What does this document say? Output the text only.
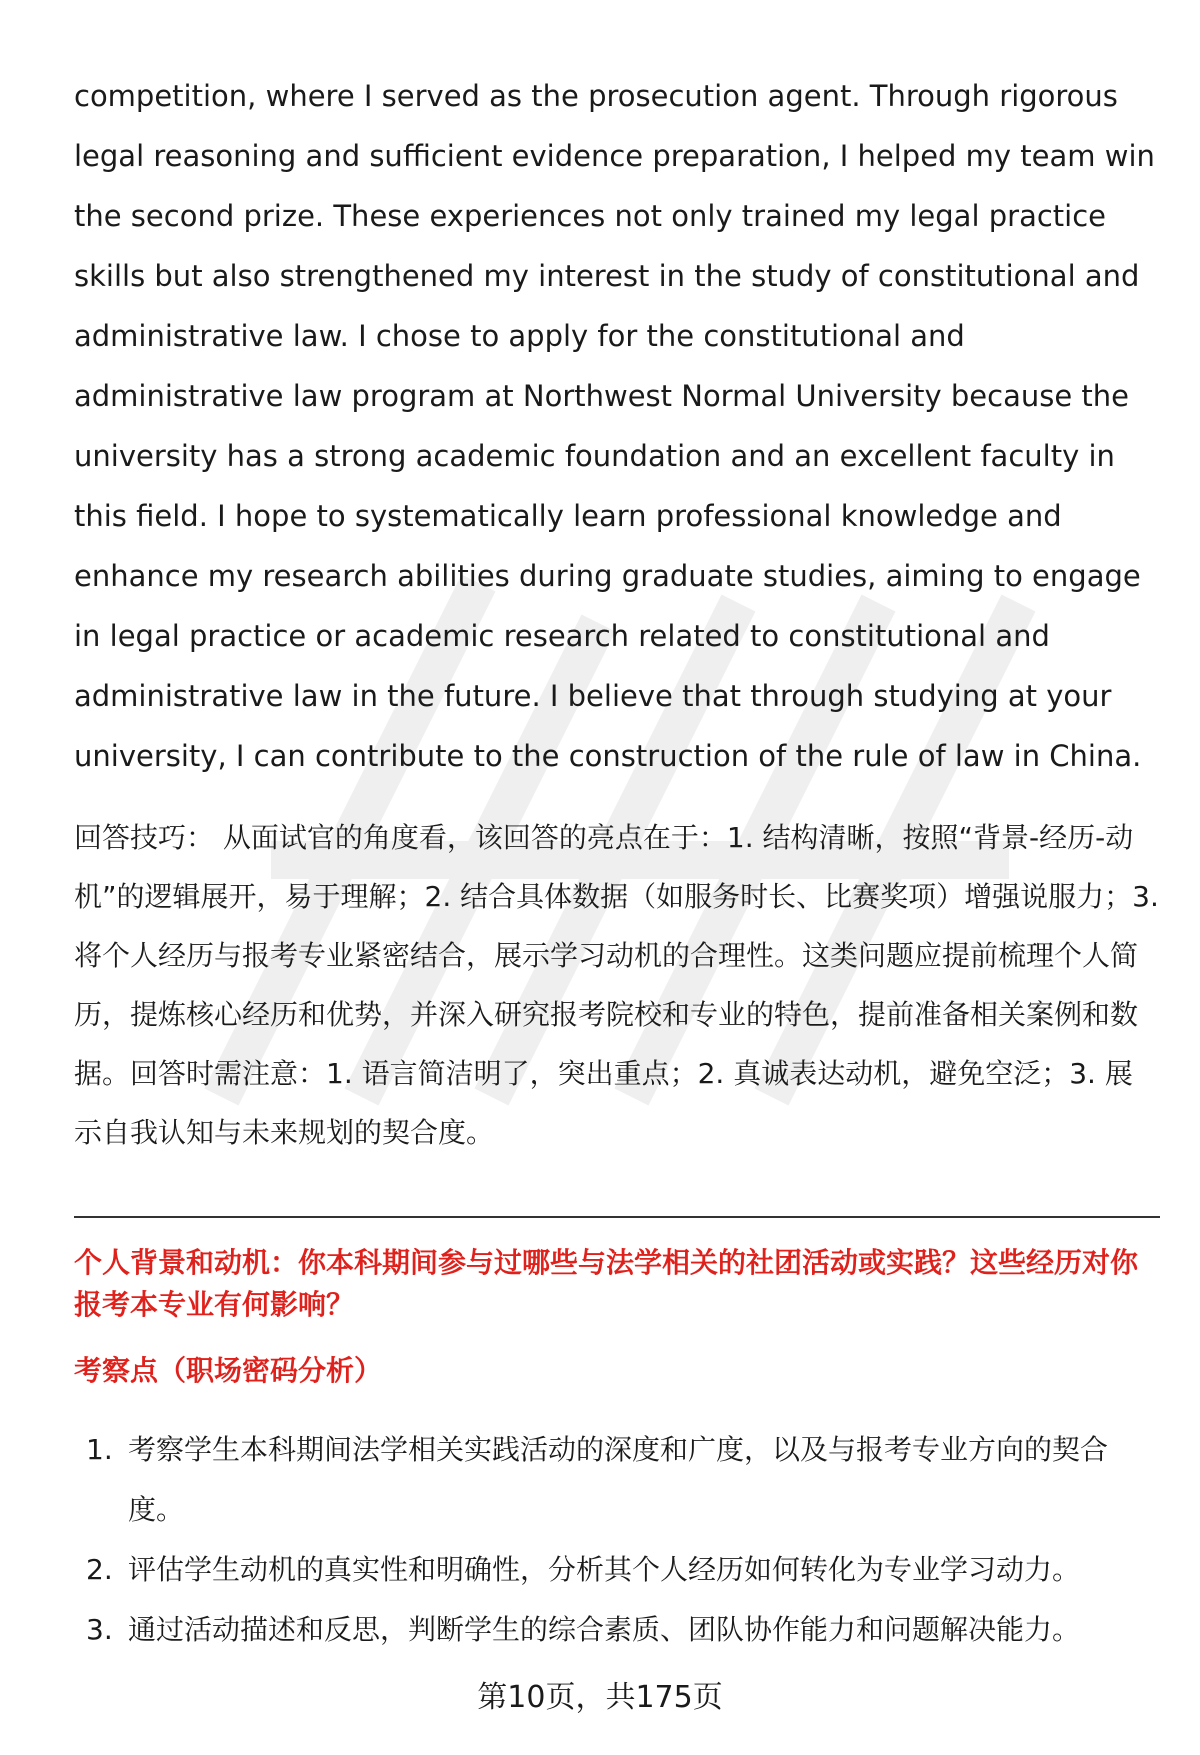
competition, where I served as the prosecution agent. Through rigorous legal reasoning and sufficient evidence preparation, I helped my team win the second prize. These experiences not only trained my legal practice skills but also strengthened my interest in the study of constitutional and administrative law. I chose to apply for the constitutional and administrative law program at Northwest Normal University because the university has a strong academic foundation and an excellent faculty in this field. I hope to systematically learn professional knowledge and enhance my research abilities during graduate studies, aiming to engage in legal practice or academic research related to constitutional and administrative law in the future. I believe that through studying at your university, I can contribute to the construction of the rule of law in China.

回答技巧： 从面试官的角度看，该回答的亮点在于：1. 结构清晰，按照“背景-经历-动机”的逻辑展开，易于理解；2. 结合具体数据（如服务时长、比赛奖项）增强说服力；3. 将个人经历与报考专业紧密结合，展示学习动机的合理性。这类问题应提前梳理个人简历，提炼核心经历和优势，并深入研究报考院校和专业的特色，提前准备相关案例和数据。回答时需注意：1. 语言简洁明了，突出重点；2. 真诚表达动机，避免空泛；3. 展示自我认知与未来规划的契合度。

个人背景和动机：你本科期间参与过哪些与法学相关的社团活动或实践？这些经历对你报考本专业有何影响？

考察点（职场密码分析）

1. 考察学生本科期间法学相关实践活动的深度和广度，以及与报考专业方向的契合度。
2. 评估学生动机的真实性和明确性，分析其个人经历如何转化为专业学习动力。
3. 通过活动描述和反思，判断学生的综合素质、团队协作能力和问题解决能力。
第10页，共175页
